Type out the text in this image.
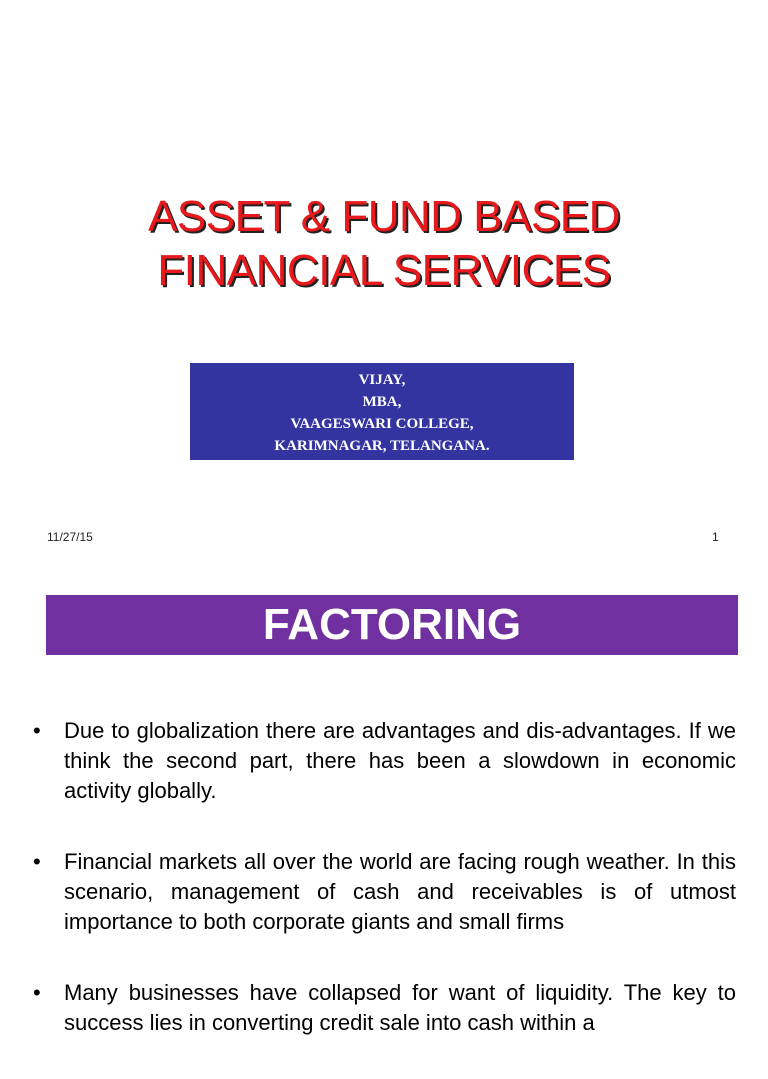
ASSET & FUND BASED
FINANCIAL SERVICES
VIJAY,
MBA,
VAAGESWARI COLLEGE,
KARIMNAGAR, TELANGANA.
11/27/15	1
FACTORING
• Due to globalization there are advantages and dis-advantages. If we think the second part, there has been a slowdown in economic activity globally.
• Financial markets all over the world are facing rough weather. In this scenario, management of cash and receivables is of utmost importance to both corporate giants and small firms
• Many businesses have collapsed for want of liquidity. The key to success lies in converting credit sale into cash within a
